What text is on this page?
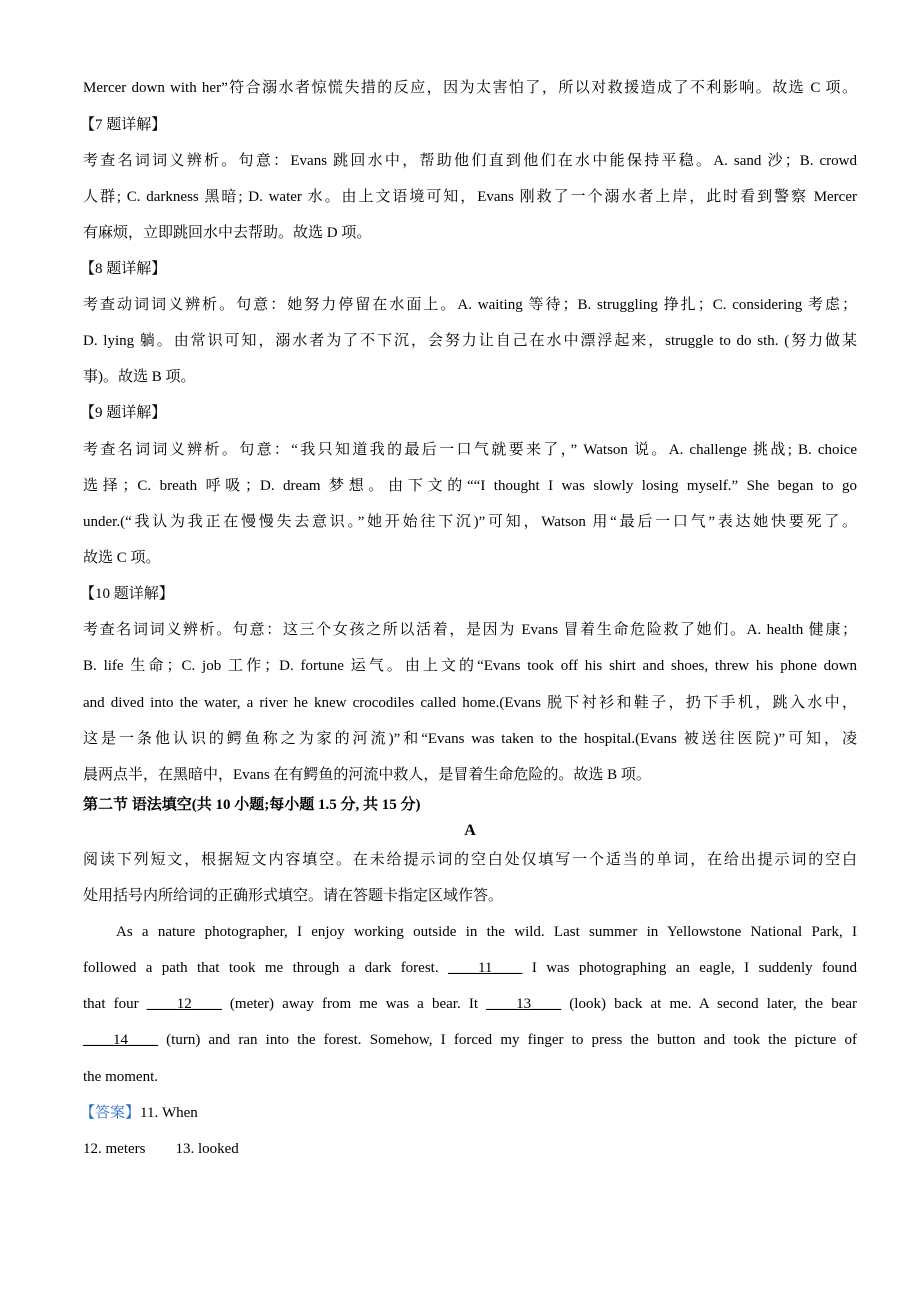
Mercer down with her”符合溺水者惊慌失措的反应，因为太害怕了，所以对救援造成了不利影响。故选 C 项。
【7 题详解】
考查名词词义辨析。句意：Evans 跳回水中，帮助他们直到他们在水中能保持平稳。A. sand 沙；B. crowd
人群; C. darkness 黑暗; D. water 水。由上文语境可知，Evans 刚救了一个溺水者上岸，此时看到警察 Mercer
有麻烦，立即跳回水中去帮助。故选 D 项。
【8 题详解】
考查动词词义辨析。句意：她努力停留在水面上。A. waiting 等待；B. struggling 挣扎；C. considering 考虑；
D. lying 躺。由常识可知，溺水者为了不下沉，会努力让自己在水中漂浮起来，struggle to do sth. (努力做某
事)。故选 B 项。
【9 题详解】
考查名词词义辨析。句意：“我只知道我的最后一口气就要来了，” Watson 说。A. challenge 挑战; B. choice
选择；C. breath 呼吸；D. dream 梦想。由下文的““I thought I was slowly losing myself.” She began to go
under.(“我认为我正在慢慢失去意识。”她开始往下沉)”可知，Watson 用“最后一口气”表达她快要死了。
故选 C 项。
【10 题详解】
考查名词词义辨析。句意：这三个女孩之所以活着，是因为 Evans 冒着生命危险救了她们。A. health 健康；
B. life 生命；C. job 工作；D. fortune 运气。由上文的“Evans took off his shirt and shoes, threw his phone down
and dived into the water, a river he knew crocodiles called home.(Evans 脱下衬衫和鞋子，扔下手机，跳入水中，
这是一条他认识的鳄鱼称之为家的河流)”和“Evans was taken to the hospital.(Evans 被送往医院)”可知，凌
晨两点半，在黑暗中，Evans 在有鳄鱼的河流中救人，是冒着生命危险的。故选 B 项。
第二节 语法填空(共 10 小题;每小题 1.5 分, 共 15 分)
A
阅读下列短文，根据短文内容填空。在未给提示词的空白处仅填写一个适当的单词，在给出提示词的空白
处用括号内所给词的正确形式填空。请在答题卡指定区域作答。
As a nature photographer, I enjoy working outside in the wild. Last summer in Yellowstone National Park, I
followed a path that took me through a dark forest. ____11____ I was photographing an eagle, I suddenly found
that four ____12____ (meter) away from me was a bear. It ____13____ (look) back at me. A second later, the bear
____14____ (turn) and ran into the forest. Somehow, I forced my finger to press the button and took the picture of
the moment.
【答案】11. When
12. meters 13. looked
